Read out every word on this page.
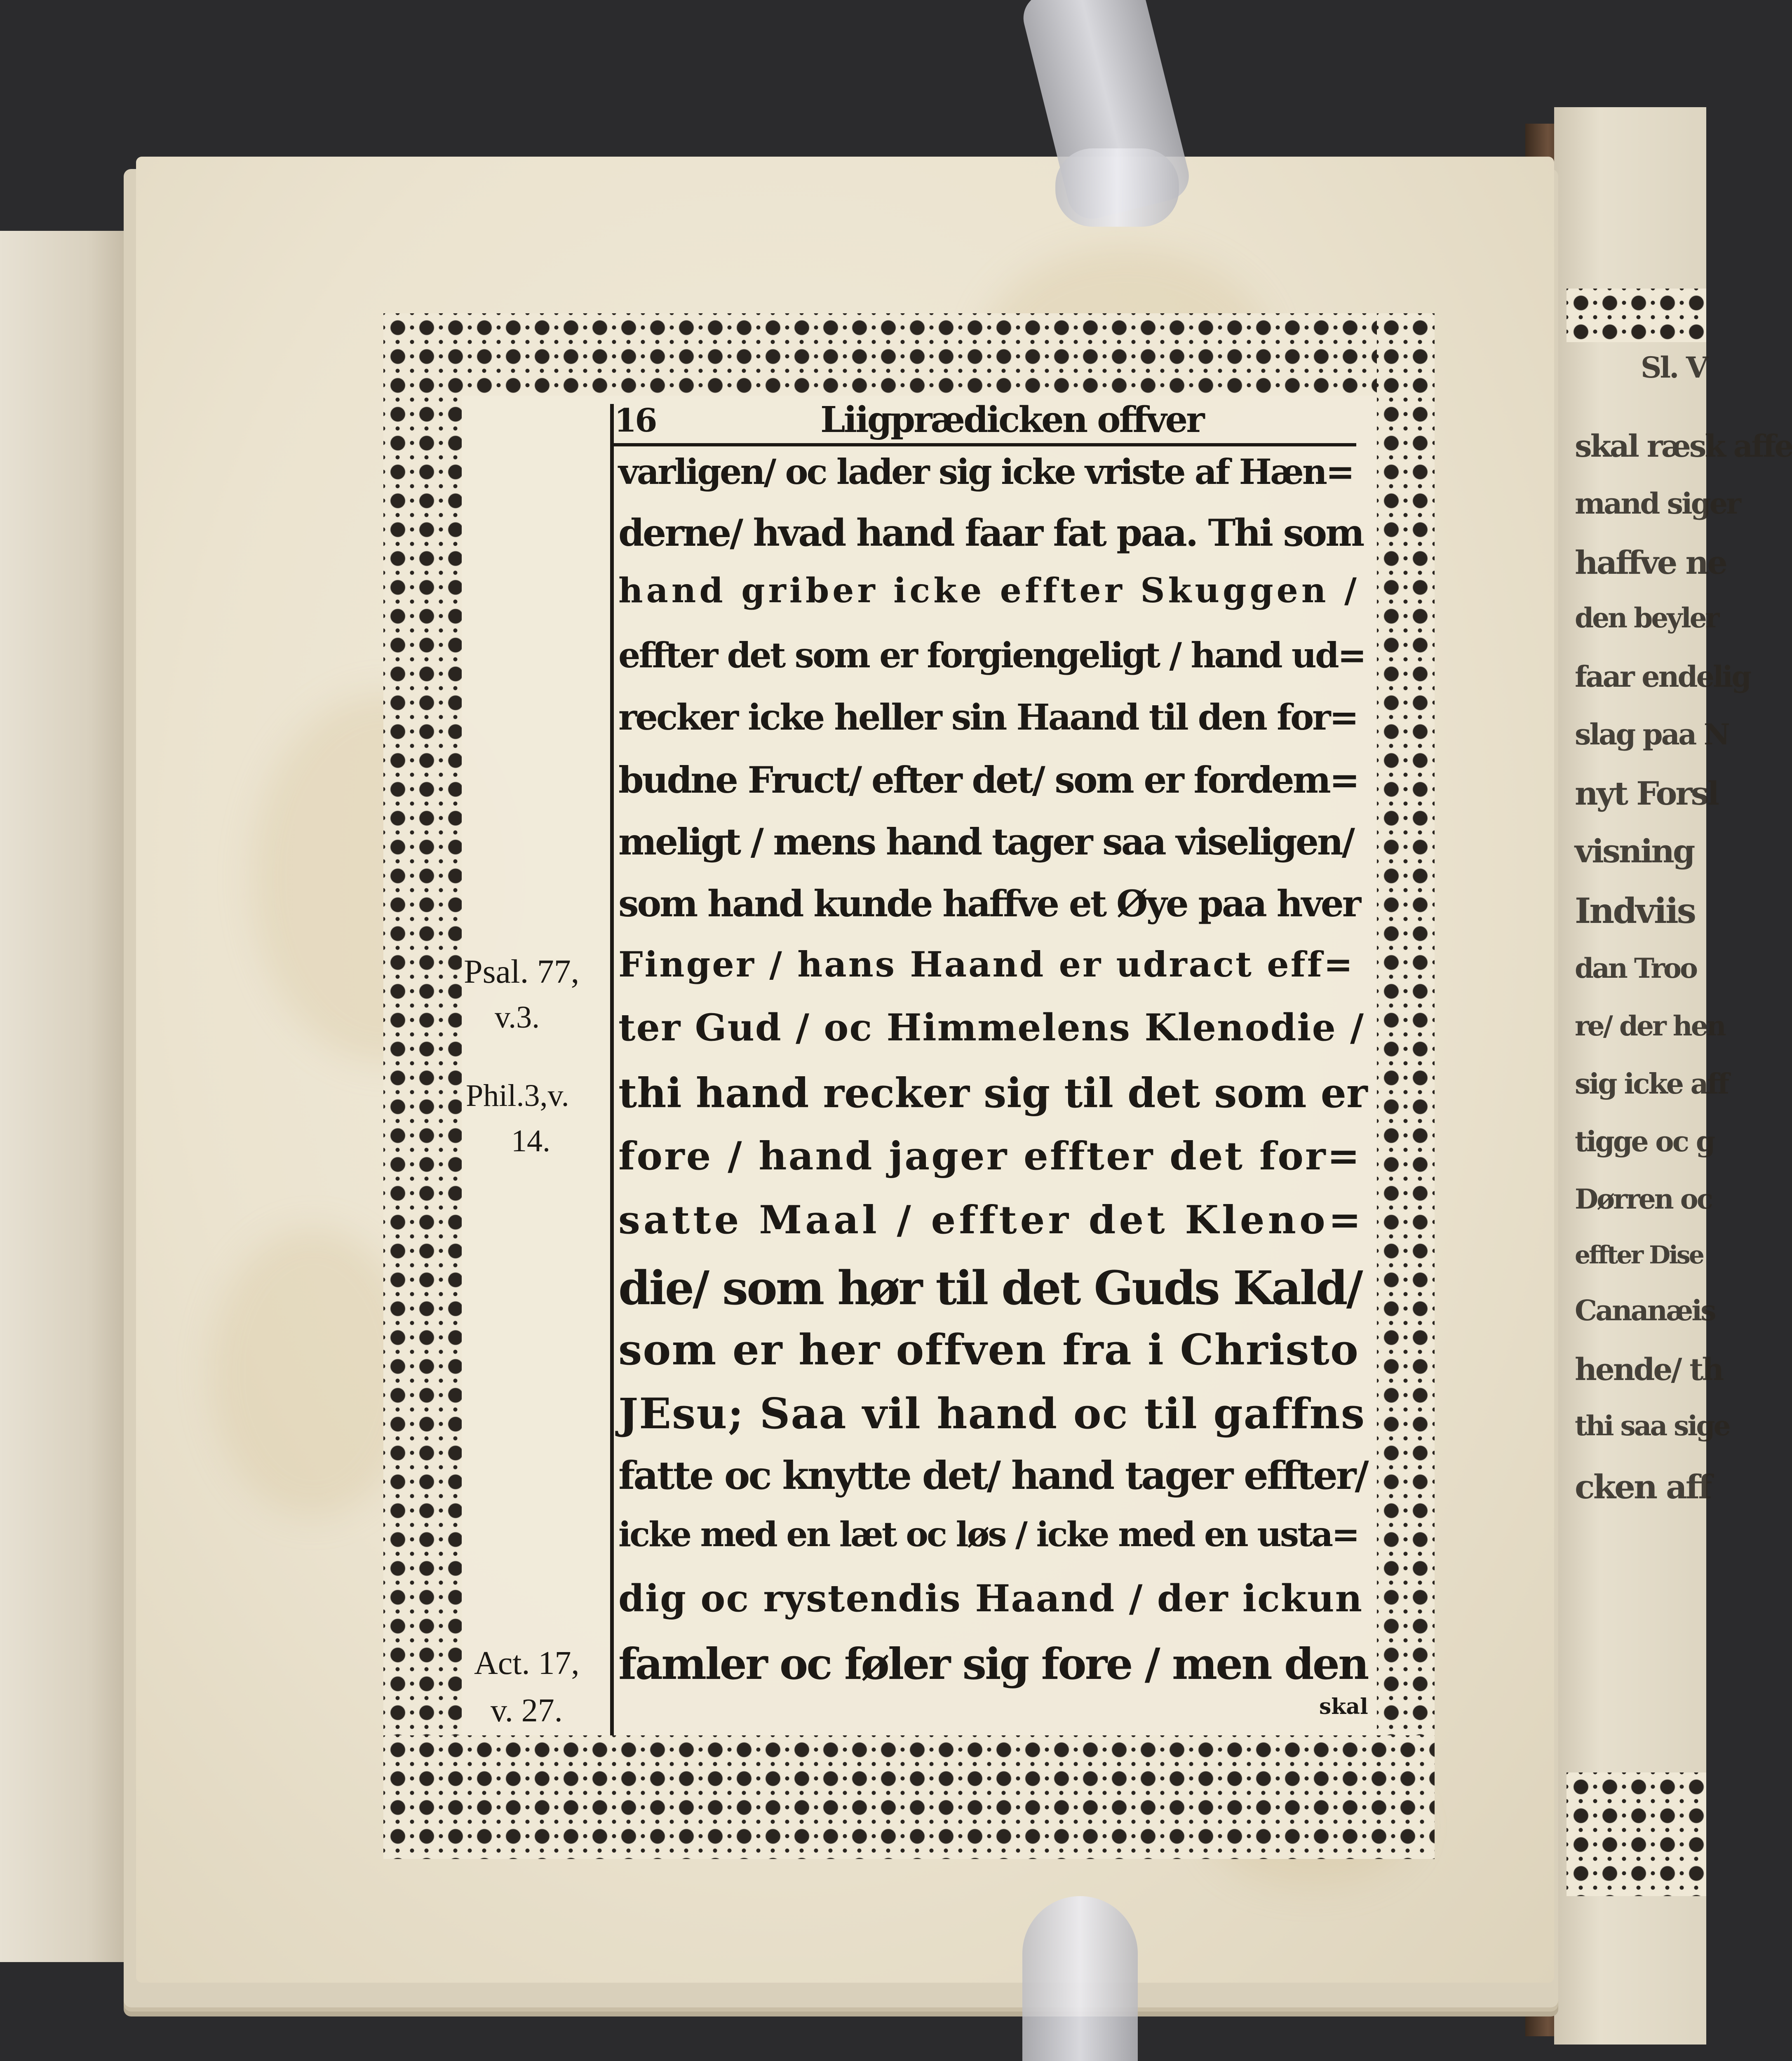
16	Liigprædicken offver
varligen/ oc lader sig icke vriste af Hæn=
derne/ hvad hand faar fat paa. Thi som
hand griber icke effter Skuggen /
effter det som er forgiengeligt / hand ud=
recker icke heller sin Haand til den for=
budne Fruct/ efter det/ som er fordem=
meligt / mens hand tager saa viseligen/
som hand kunde haffve et Øye paa hver
Finger / hans Haand er udract eff=
ter Gud / oc Himmelens Klenodie /
thi hand recker sig til det som er
fore / hand jager effter det for=
satte Maal / effter det Kleno=
die/ som hør til det Guds Kald/
som er her offven fra i Christo
JEsu; Saa vil hand oc til gaffns
fatte oc knytte det/ hand tager effter/
icke med en læt oc løs / icke med en usta=
dig oc rystendis Haand / der ickun
famler oc føler sig fore / men den
skal
Psal. 77,
v.3.
Phil.3,v.
14.
Act. 17,
v. 27.
Sl. V
skal ræsk affe
mand siger
haffve ne
den beyler
faar endelig
slag paa N
nyt Forsl
visning
Indviis
dan Troo
re/ der hen
sig icke aff
tigge oc g
Dørren oc
effter Dise
Cananæis
hende/ th
thi saa sige
cken aff
